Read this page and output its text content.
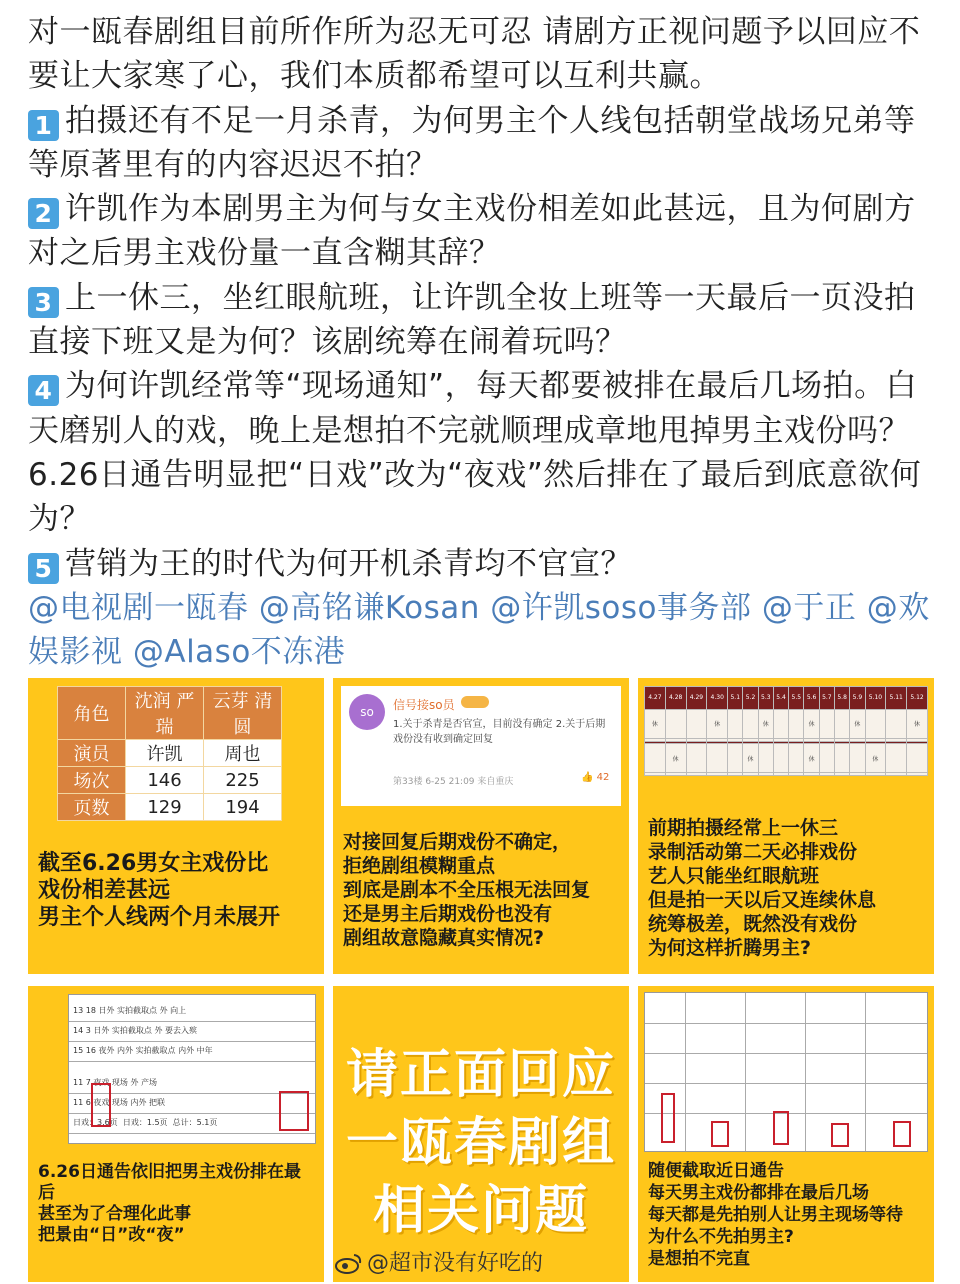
对一瓯春剧组目前所作所为忍无可忍 请剧方正视问题予以回应不要让大家寒了心，我们本质都希望可以互利共赢。

1 拍摄还有不足一月杀青，为何男主个人线包括朝堂战场兄弟等等原著里有的内容迟迟不拍？

2 许凯作为本剧男主为何与女主戏份相差如此甚远，且为何剧方对之后男主戏份量一直含糊其辞？

3 上一休三，坐红眼航班，让许凯全妆上班等一天最后一页没拍直接下班又是为何？该剧统筹在闹着玩吗？

4 为何许凯经常等“现场通知”，每天都要被排在最后几场拍。白天磨别人的戏，晚上是想拍不完就顺理成章地甩掉男主戏份吗？6.26日通告明显把“日戏”改为“夜戏”然后排在了最后到底意欲何为？

5 营销为王的时代为何开机杀青均不官宣？

@电视剧一瓯春 @高铭谦Kosan @许凯soso事务部 @于正 @欢娱影视 @Alaso不冻港

角色	沈润 严瑞	云芽 清圆
演员	许凯	周也
场次	146	225
页数	129	194
截至6.26男女主戏份比
戏份相差甚远
男主个人线两个月未展开
so	信号接so员
1.关于杀青是否官宣，目前没有确定 2.关于后期戏份没有收到确定回复
第33楼 6-25 21:09 来自重庆	👍 42
对接回复后期戏份不确定，
拒绝剧组模糊重点
到底是剧本不全压根无法回复
还是男主后期戏份也没有
剧组故意隐藏真实情况?
4.27	4.28	4.29	4.30	5.1	5.2	5.3	5.4	5.5	5.6	5.7	5.8	5.9	5.10	5.11	5.12
休			休			休			休			休			休

	休				休				休				休		

前期拍摄经常上一休三
录制活动第二天必排戏份
艺人只能坐红眼航班
但是拍一天以后又连续休息
统筹极差，既然没有戏份
为何这样折腾男主?
13 18 日外 实拍截取点 外 向上
14 3 日外 实拍截取点 外 要去入殡
15 16 夜外 内外 实拍截取点 内外 中年
11 7 夜戏 现场 外 产场
11 6 夜戏 现场 内外 把联
日戏：3.6页 日戏：1.5页 总计：5.1页
6.26日通告依旧把男主戏份排在最后
甚至为了合理化此事
把景由“日”改“夜”
请正面回应
一瓯春剧组
相关问题
随便截取近日通告
每天男主戏份都排在最后几场
每天都是先拍别人让男主现场等待
为什么不先拍男主?
是想拍不完直
@超市没有好吃的
